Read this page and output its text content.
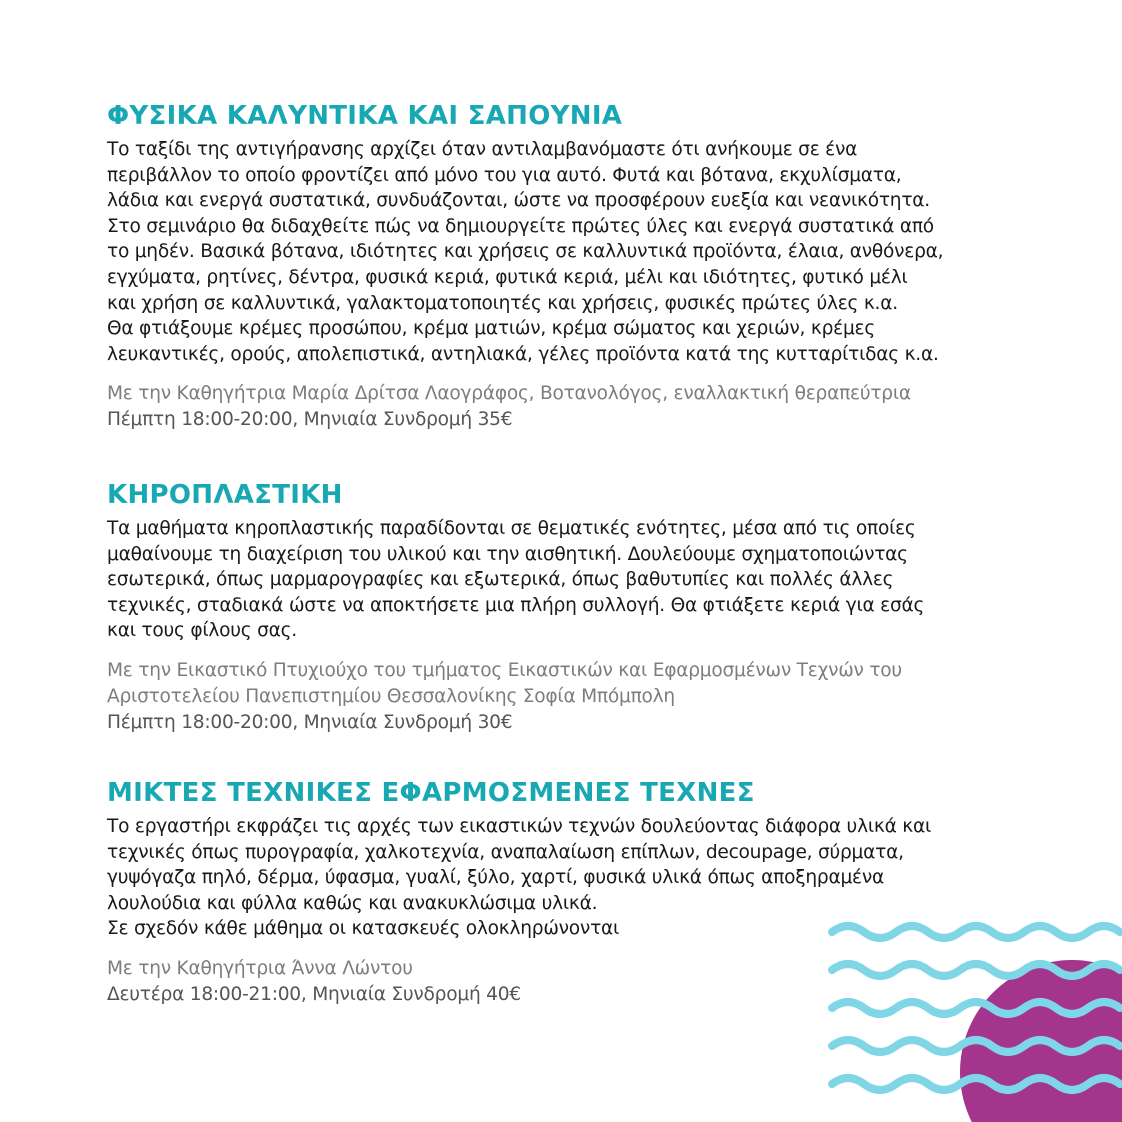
ΦΥΣΙΚΑ ΚΑΛΥΝΤΙΚΑ ΚΑΙ ΣΑΠΟΥΝΙΑ
Το ταξίδι της αντιγήρανσης αρχίζει όταν αντιλαμβανόμαστε ότι ανήκουμε σε ένα
περιβάλλον το οποίο φροντίζει από μόνο του για αυτό. Φυτά και βότανα, εκχυλίσματα,
λάδια και ενεργά συστατικά, συνδυάζονται, ώστε να προσφέρουν ευεξία και νεανικότητα.
Στο σεμινάριο θα διδαχθείτε πώς να δημιουργείτε πρώτες ύλες και ενεργά συστατικά από
το μηδέν. Βασικά βότανα, ιδιότητες και χρήσεις σε καλλυντικά προϊόντα, έλαια, ανθόνερα,
εγχύματα, ρητίνες, δέντρα, φυσικά κεριά, φυτικά κεριά, μέλι και ιδιότητες, φυτικό μέλι
και χρήση σε καλλυντικά, γαλακτοματοποιητές και χρήσεις, φυσικές πρώτες ύλες κ.α.
Θα φτιάξουμε κρέμες προσώπου, κρέμα ματιών, κρέμα σώματος και χεριών, κρέμες
λευκαντικές, ορούς, απολεπιστικά, αντηλιακά, γέλες προϊόντα κατά της κυτταρίτιδας κ.α.
Με την Καθηγήτρια Μαρία Δρίτσα Λαογράφος, Βοτανολόγος, εναλλακτική θεραπεύτρια
Πέμπτη 18:00-20:00, Μηνιαία Συνδρομή 35€
ΚΗΡΟΠΛΑΣΤΙΚΗ
Τα μαθήματα κηροπλαστικής παραδίδονται σε θεματικές ενότητες, μέσα από τις οποίες
μαθαίνουμε τη διαχείριση του υλικού και την αισθητική. Δουλεύουμε σχηματοποιώντας
εσωτερικά, όπως μαρμαρογραφίες και εξωτερικά, όπως βαθυτυπίες και πολλές άλλες
τεχνικές, σταδιακά ώστε να αποκτήσετε μια πλήρη συλλογή. Θα φτιάξετε κεριά για εσάς
και τους φίλους σας.
Με την Εικαστικό Πτυχιούχο του τμήματος Εικαστικών και Εφαρμοσμένων Τεχνών του
Αριστοτελείου Πανεπιστημίου Θεσσαλονίκης Σοφία Μπόμπολη
Πέμπτη 18:00-20:00, Μηνιαία Συνδρομή 30€
ΜΙΚΤΕΣ ΤΕΧΝΙΚΕΣ ΕΦΑΡΜΟΣΜΕΝΕΣ ΤΕΧΝΕΣ
Το εργαστήρι εκφράζει τις αρχές των εικαστικών τεχνών δουλεύοντας διάφορα υλικά και
τεχνικές όπως πυρογραφία, χαλκοτεχνία, αναπαλαίωση επίπλων, decoupage, σύρματα,
γυψόγαζα πηλό, δέρμα, ύφασμα, γυαλί, ξύλο, χαρτί, φυσικά υλικά όπως αποξηραμένα
λουλούδια και φύλλα καθώς και ανακυκλώσιμα υλικά.
Σε σχεδόν κάθε μάθημα οι κατασκευές ολοκληρώνονται
Με την Καθηγήτρια Άννα Λώντου
Δευτέρα 18:00-21:00, Μηνιαία Συνδρομή 40€
